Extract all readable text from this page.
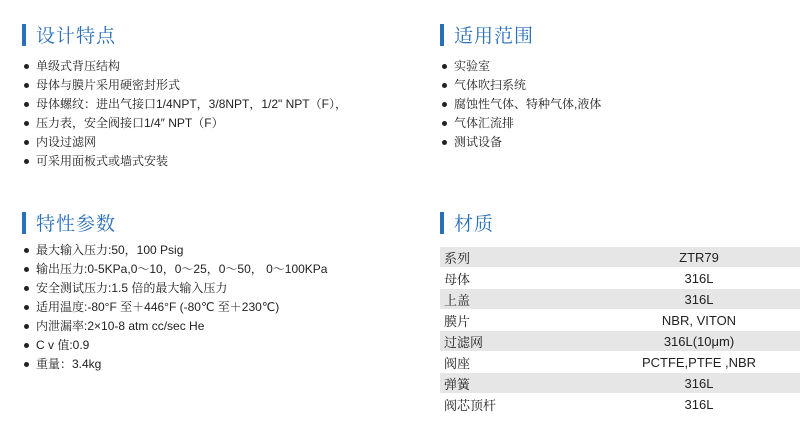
设计特点
单级式背压结构
母体与膜片采用硬密封形式
母体螺纹：进出气接口1/4NPT，3/8NPT，1/2" NPT（F），
压力表，安全阀接口1/4″ NPT（F）
内设过滤网
可采用面板式或墙式安装
适用范围
实验室
气体吹扫系统
腐蚀性气体、特种气体,液体
气体汇流排
测试设备
特性参数
最大输入压力:50，100 Psig
输出压力:0-5KPa,0～10，0～25，0～50， 0～100KPa
安全测试压力:1.5 倍的最大输入压力
适用温度:-80°F 至＋446°F (-80℃ 至＋230℃)
内泄漏率:2×10-8 atm cc/sec He
C v 值:0.9
重量：3.4kg
材质
系列	ZTR79
母体	316L
上盖	316L
膜片	NBR, VITON
过滤网	316L(10μm)
阀座	PCTFE,PTFE ,NBR
弹簧	316L
阀芯顶杆	316L
